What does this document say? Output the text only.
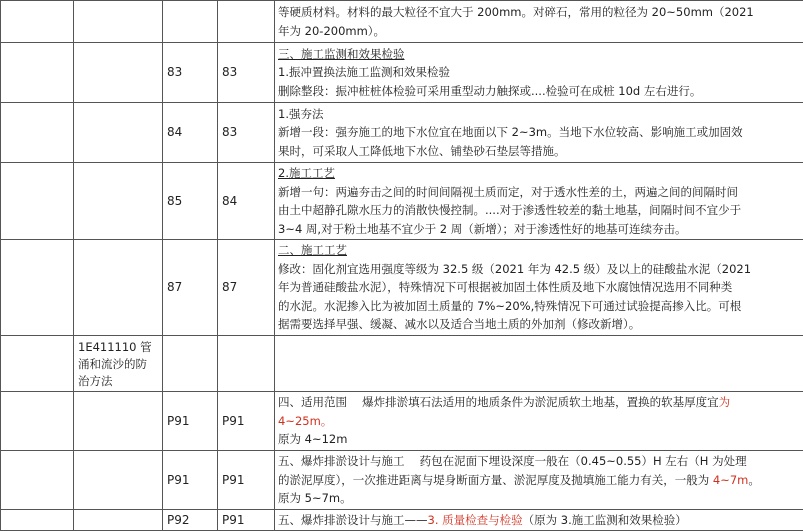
				等硬质材料。材料的最大粒径不宜大于 200mm。对碎石，常用的粒径为 20~50mm（2021
年为 20-200mm）。

		83	83	三、施工监测和效果检验
1.振冲置换法施工监测和效果检验
删除整段：振冲桩桩体检验可采用重型动力触探或....检验可在成桩 10d 左右进行。

		84	83	1.强夯法
新增一段：强夯施工的地下水位宜在地面以下 2~3m。当地下水位较高、影响施工或加固效
果时，可采取人工降低地下水位、铺垫砂石垫层等措施。

		85	84	2.施工工艺
新增一句：两遍夯击之间的时间间隔视土质而定，对于透水性差的土，两遍之间的间隔时间
由土中超静孔隙水压力的消散快慢控制。....对于渗透性较差的黏土地基，间隔时间不宜少于
3~4 周,对于粉土地基不宜少于 2 周（新增）；对于渗透性好的地基可连续夯击。

		87	87	二、施工工艺
修改：固化剂宜选用强度等级为 32.5 级（2021 年为 42.5 级）及以上的硅酸盐水泥（2021
年为普通硅酸盐水泥），特殊情况下可根据被加固土体性质及地下水腐蚀情况选用不同种类
的水泥。水泥掺入比为被加固土质量的 7%~20%,特殊情况下可通过试验提高掺入比。可根
据需要选择早强、缓凝、减水以及适合当地土质的外加剂（修改新增）。

	1E411110 管涌和流沙的防治方法			
		P91	P91	四、适用范围　 爆炸排淤填石法适用的地质条件为淤泥质软土地基，置换的软基厚度宜为
4~25m。
原为 4~12m

		P91	P91	五、爆炸排淤设计与施工　 药包在泥面下埋设深度一般在（0.45~0.55）H 左右（H 为处理
的淤泥厚度），一次推进距离与堤身断面方量、淤泥厚度及抛填施工能力有关，一般为 4~7m。
原为 5~7m。

		P92	P91	五、爆炸排淤设计与施工——3. 质量检查与检验（原为 3.施工监测和效果检验）
